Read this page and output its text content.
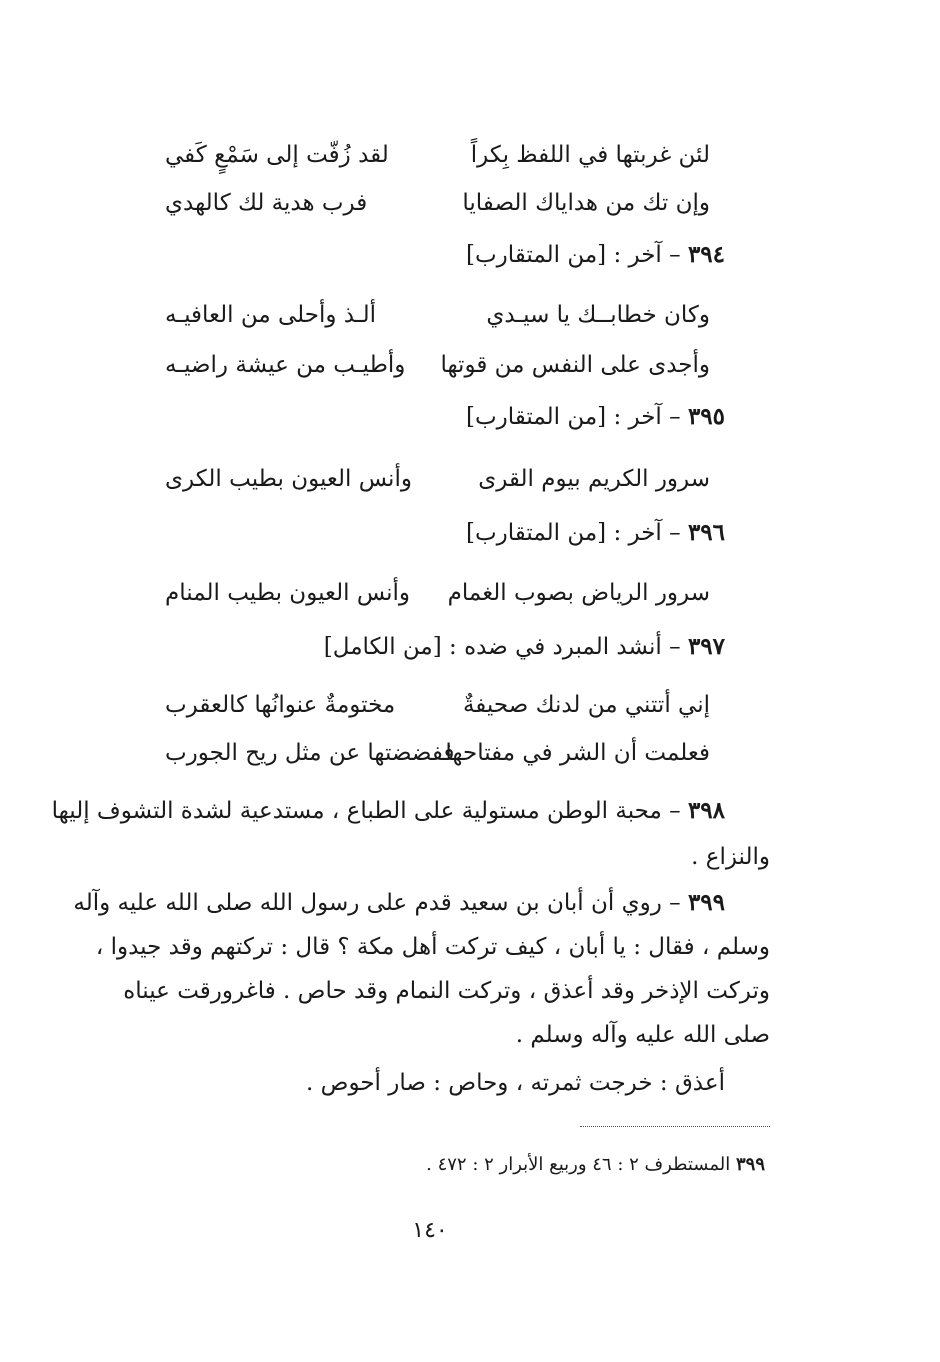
لئن غربتها في اللفظ بِكراً
لقد زُفّت إلى سَمْعٍ كَفي
وإن تك من هداياك الصفايا
فرب هدية لك كالهدي
٣٩٤ – آخر : [من المتقارب]
وكان خطابــك يا سيـدي
ألـذ وأحلى من العافيـه
وأجدى على النفس من قوتها
وأطيـب من عيشة راضيـه
٣٩٥ – آخر : [من المتقارب]
سرور الكريم بيوم القرى
وأنس العيون بطيب الكرى
٣٩٦ – آخر : [من المتقارب]
سرور الرياض بصوب الغمام
وأنس العيون بطيب المنام
٣٩٧ – أنشد المبرد في ضده : [من الكامل]
إني أتتني من لدنك صحيفةٌ
مختومةٌ عنوانُها كالعقرب
فعلمت أن الشر في مفتاحها
ففضضتها عن مثل ريح الجورب
٣٩٨ – محبة الوطن مستولية على الطباع ، مستدعية لشدة التشوف إليها
والنزاع .
٣٩٩ – روي أن أبان بن سعيد قدم على رسول الله صلى الله عليه وآله
وسلم ، فقال : يا أبان ، كيف تركت أهل مكة ؟ قال : تركتهم وقد جيدوا ،
وتركت الإذخر وقد أعذق ، وتركت النمام وقد حاص . فاغرورقت عيناه
صلى الله عليه وآله وسلم .
أعذق : خرجت ثمرته ، وحاص : صار أحوص .
٣٩٩ المستطرف ٢ : ٤٦ وربيع الأبرار ٢ : ٤٧٢ .
١٤٠
